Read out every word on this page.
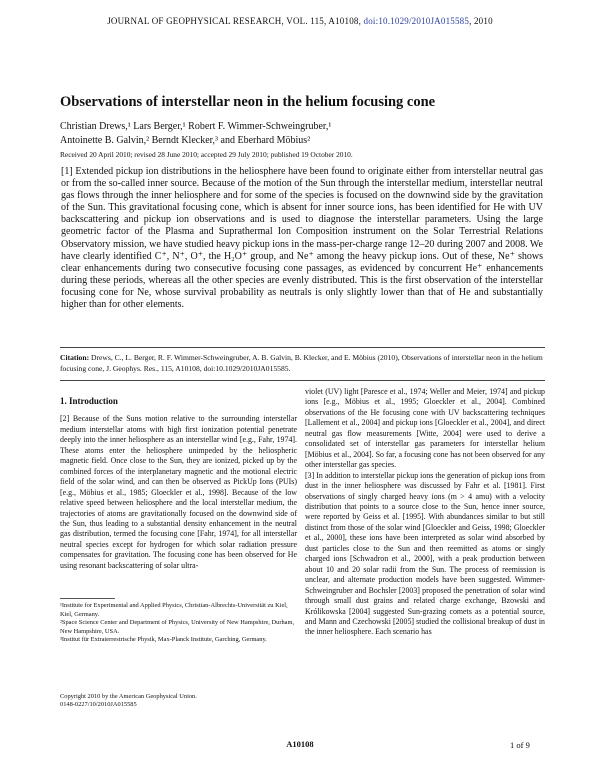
JOURNAL OF GEOPHYSICAL RESEARCH, VOL. 115, A10108, doi:10.1029/2010JA015585, 2010
Observations of interstellar neon in the helium focusing cone
Christian Drews,¹ Lars Berger,¹ Robert F. Wimmer-Schweingruber,¹
Antoinette B. Galvin,² Berndt Klecker,³ and Eberhard Möbius²
Received 20 April 2010; revised 28 June 2010; accepted 29 July 2010; published 19 October 2010.
[1] Extended pickup ion distributions in the heliosphere have been found to originate either from interstellar neutral gas or from the so-called inner source. Because of the motion of the Sun through the interstellar medium, interstellar neutral gas flows through the inner heliosphere and for some of the species is focused on the downwind side by the gravitation of the Sun. This gravitational focusing cone, which is absent for inner source ions, has been identified for He with UV backscattering and pickup ion observations and is used to diagnose the interstellar parameters. Using the large geometric factor of the Plasma and Suprathermal Ion Composition instrument on the Solar Terrestrial Relations Observatory mission, we have studied heavy pickup ions in the mass-per-charge range 12–20 during 2007 and 2008. We have clearly identified C⁺, N⁺, O⁺, the H₂O⁺ group, and Ne⁺ among the heavy pickup ions. Out of these, Ne⁺ shows clear enhancements during two consecutive focusing cone passages, as evidenced by concurrent He⁺ enhancements during these periods, whereas all the other species are evenly distributed. This is the first observation of the interstellar focusing cone for Ne, whose survival probability as neutrals is only slightly lower than that of He and substantially higher than for other elements.
Citation: Drews, C., L. Berger, R. F. Wimmer-Schweingruber, A. B. Galvin, B. Klecker, and E. Möbius (2010), Observations of interstellar neon in the helium focusing cone, J. Geophys. Res., 115, A10108, doi:10.1029/2010JA015585.
1. Introduction

[2] Because of the Suns motion relative to the surrounding interstellar medium interstellar atoms with high first ionization potential penetrate deeply into the inner heliosphere as an interstellar wind [e.g., Fahr, 1974]. These atoms enter the heliosphere unimpeded by the heliospheric magnetic field. Once close to the Sun, they are ionized, picked up by the combined forces of the interplanetary magnetic and the motional electric field of the solar wind, and can then be observed as PickUp Ions (PUIs) [e.g., Möbius et al., 1985; Gloeckler et al., 1998]. Because of the low relative speed between heliosphere and the local interstellar medium, the trajectories of atoms are gravitationally focused on the downwind side of the Sun, thus leading to a substantial density enhancement in the neutral gas distribution, termed the focusing cone [Fahr, 1974], for all interstellar neutral species except for hydrogen for which solar radiation pressure compensates for gravitation. The focusing cone has been observed for He using resonant backscattering of solar ultra-

violet (UV) light [Paresce et al., 1974; Weller and Meier, 1974] and pickup ions [e.g., Möbius et al., 1995; Gloeckler et al., 2004]. Combined observations of the He focusing cone with UV backscattering techniques [Lallement et al., 2004] and pickup ions [Gloeckler et al., 2004], and direct neutral gas flow measurements [Witte, 2004] were used to derive a consolidated set of interstellar gas parameters for interstellar helium [Möbius et al., 2004]. So far, a focusing cone has not been observed for any other interstellar gas species.

[3] In addition to interstellar pickup ions the generation of pickup ions from dust in the inner heliosphere was discussed by Fahr et al. [1981]. First observations of singly charged heavy ions (m > 4 amu) with a velocity distribution that points to a source close to the Sun, hence inner source, were reported by Geiss et al. [1995]. With abundances similar to but still distinct from those of the solar wind [Gloeckler and Geiss, 1998; Gloeckler et al., 2000], these ions have been interpreted as solar wind absorbed by dust particles close to the Sun and then reemitted as atoms or singly charged ions [Schwadron et al., 2000], with a peak production between about 10 and 20 solar radii from the Sun. The process of reemission is unclear, and alternate production models have been suggested. Wimmer-Schweingruber and Bochsler [2003] proposed the penetration of solar wind through small dust grains and related charge exchange, Bzowski and Królikowska [2004] suggested Sun-grazing comets as a potential source, and Mann and Czechowski [2005] studied the collisional breakup of dust in the inner heliosphere. Each scenario has

¹Institute for Experimental and Applied Physics, Christian-Albrechts-Universität zu Kiel, Kiel, Germany.
²Space Science Center and Department of Physics, University of New Hampshire, Durham, New Hampshire, USA.
³Institut für Extraterrestrische Physik, Max-Planck Institute, Garching, Germany.
Copyright 2010 by the American Geophysical Union.
0148-0227/10/2010JA015585
A10108	1 of 9
